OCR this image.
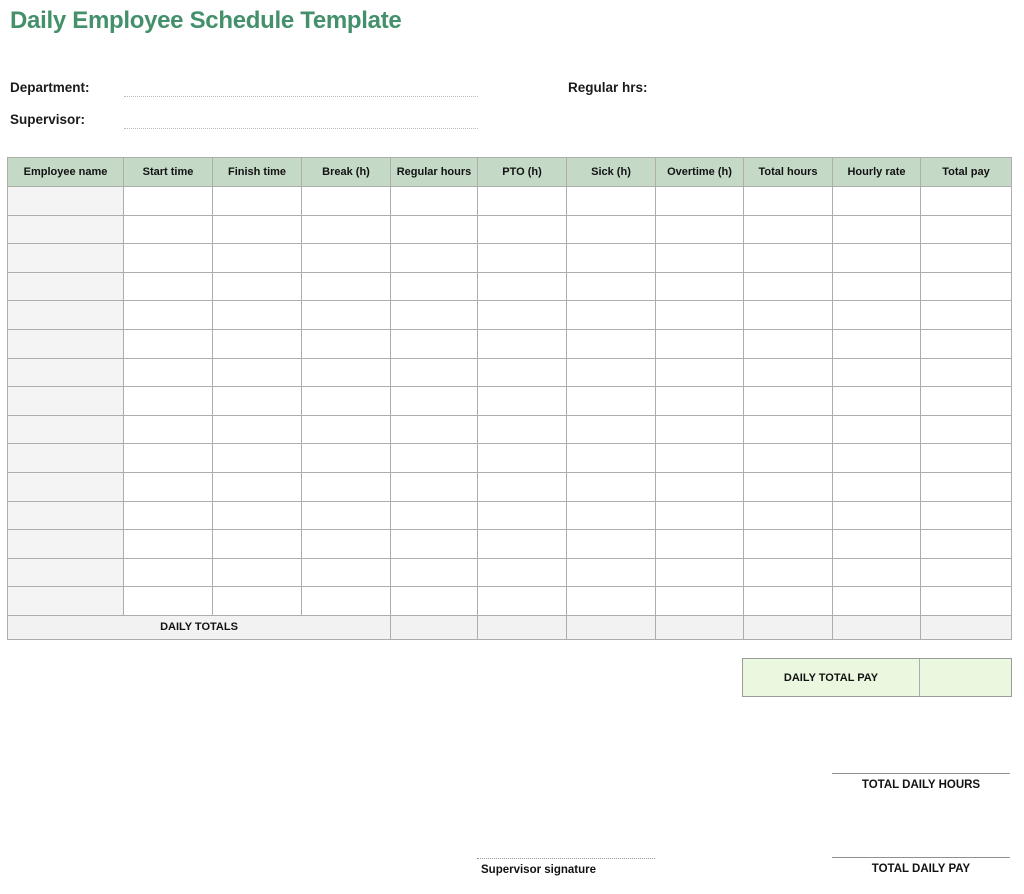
Daily Employee Schedule Template
Department:	Regular hrs:
Supervisor:
Employee name	Start time	Finish time	Break (h)	Regular hours	PTO (h)	Sick (h)	Overtime (h)	Total hours	Hourly rate	Total pay

DAILY TOTALS										
DAILY TOTAL PAY
TOTAL DAILY HOURS
Supervisor signature	TOTAL DAILY PAY
